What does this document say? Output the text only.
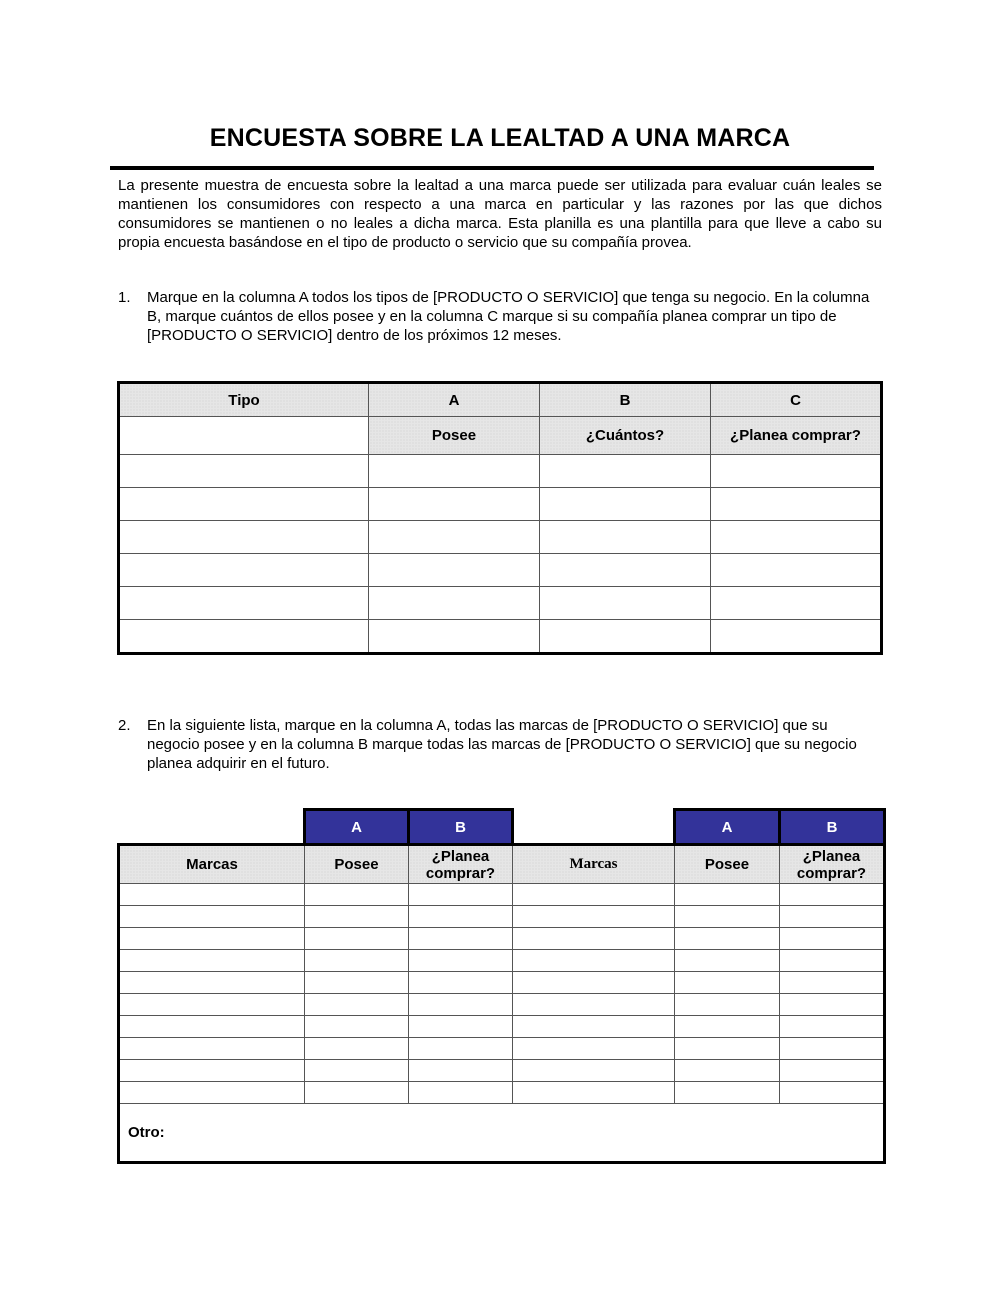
ENCUESTA SOBRE LA LEALTAD A UNA MARCA

La presente muestra de encuesta sobre la lealtad a una marca puede ser utilizada para evaluar cuán leales se mantienen los consumidores con respecto a una marca en particular y las razones por las que dichos consumidores se mantienen o no leales a dicha marca. Esta planilla es una plantilla para que lleve a cabo su propia encuesta basándose en el tipo de producto o servicio que su compañía provea.

1. Marque en la columna A todos los tipos de [PRODUCTO O SERVICIO] que tenga su negocio. En la columna B, marque cuántos de ellos posee y en la columna C marque si su compañía planea comprar un tipo de [PRODUCTO O SERVICIO] dentro de los próximos 12 meses.
Tipo	A	B	C
	Posee	¿Cuántos?	¿Planea comprar?

2. En la siguiente lista, marque en la columna A, todas las marcas de [PRODUCTO O SERVICIO] que su negocio posee y en la columna B marque todas las marcas de [PRODUCTO O SERVICIO] que su negocio planea adquirir en el futuro.
	A	B		A	B
Marcas	Posee	¿Planea comprar?	Marcas	Posee	¿Planea comprar?

Otro:					
